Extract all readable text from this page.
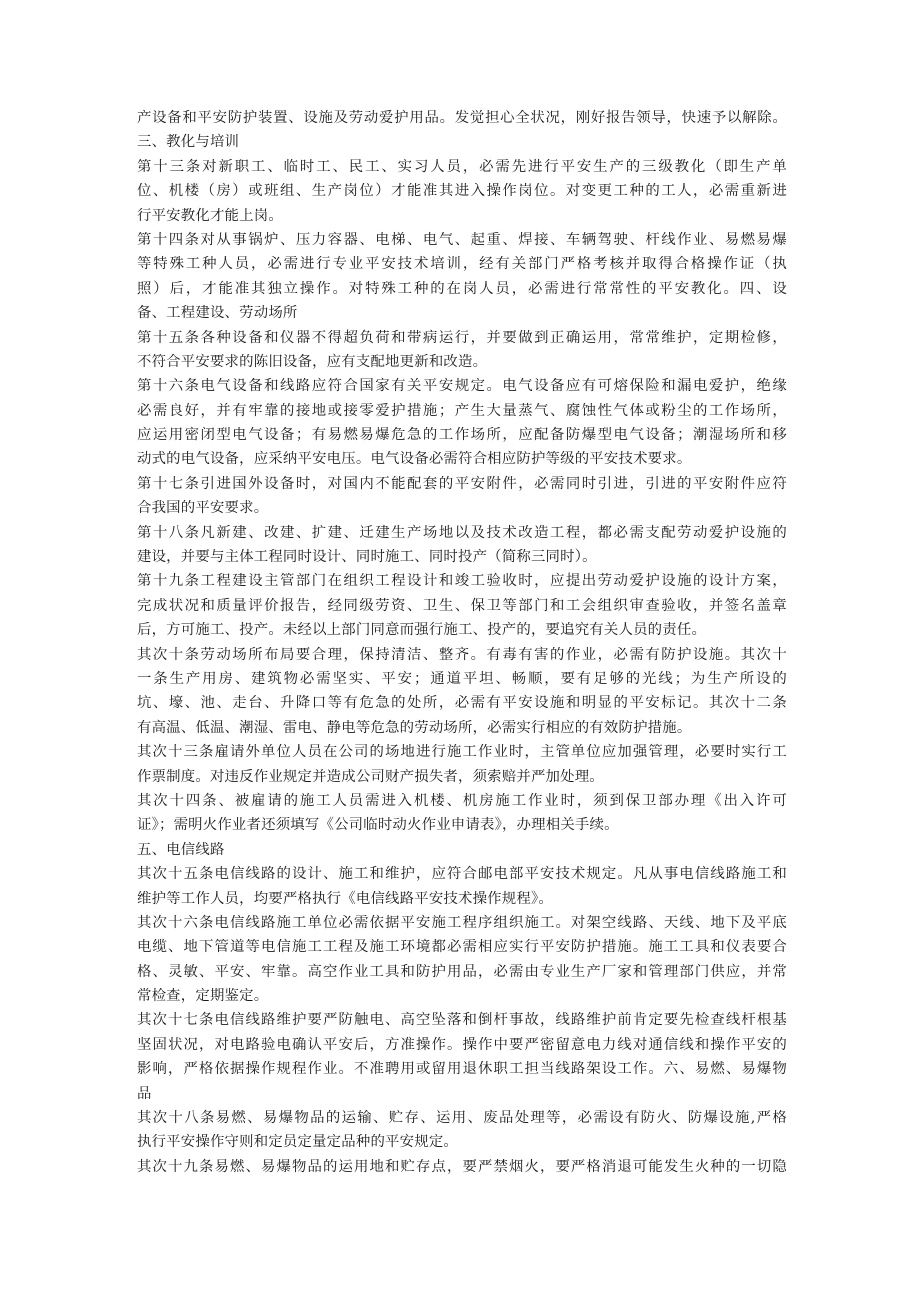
产设备和平安防护装置、设施及劳动爱护用品。发觉担心全状况，刚好报告领导，快速予以解除。
三、教化与培训
第十三条对新职工、临时工、民工、实习人员，必需先进行平安生产的三级教化（即生产单
位、机楼（房）或班组、生产岗位）才能准其进入操作岗位。对变更工种的工人，必需重新进
行平安教化才能上岗。
第十四条对从事锅炉、压力容器、电梯、电气、起重、焊接、车辆驾驶、杆线作业、易燃易爆
等特殊工种人员，必需进行专业平安技术培训，经有关部门严格考核并取得合格操作证（执
照）后，才能准其独立操作。对特殊工种的在岗人员，必需进行常常性的平安教化。四、设
备、工程建设、劳动场所
第十五条各种设备和仪器不得超负荷和带病运行，并要做到正确运用，常常维护，定期检修，
不符合平安要求的陈旧设备，应有支配地更新和改造。
第十六条电气设备和线路应符合国家有关平安规定。电气设备应有可熔保险和漏电爱护，绝缘
必需良好，并有牢靠的接地或接零爱护措施；产生大量蒸气、腐蚀性气体或粉尘的工作场所，
应运用密闭型电气设备；有易燃易爆危急的工作场所，应配备防爆型电气设备；潮湿场所和移
动式的电气设备，应采纳平安电压。电气设备必需符合相应防护等级的平安技术要求。
第十七条引进国外设备时，对国内不能配套的平安附件，必需同时引进，引进的平安附件应符
合我国的平安要求。
第十八条凡新建、改建、扩建、迁建生产场地以及技术改造工程，都必需支配劳动爱护设施的
建设，并要与主体工程同时设计、同时施工、同时投产（简称三同时）。
第十九条工程建设主管部门在组织工程设计和竣工验收时，应提出劳动爱护设施的设计方案，
完成状况和质量评价报告，经同级劳资、卫生、保卫等部门和工会组织审查验收，并签名盖章
后，方可施工、投产。未经以上部门同意而强行施工、投产的，要追究有关人员的责任。
其次十条劳动场所布局要合理，保持清洁、整齐。有毒有害的作业，必需有防护设施。其次十
一条生产用房、建筑物必需坚实、平安；通道平坦、畅顺，要有足够的光线；为生产所设的
坑、壕、池、走台、升降口等有危急的处所，必需有平安设施和明显的平安标记。其次十二条
有高温、低温、潮湿、雷电、静电等危急的劳动场所，必需实行相应的有效防护措施。
其次十三条雇请外单位人员在公司的场地进行施工作业时，主管单位应加强管理，必要时实行工
作票制度。对违反作业规定并造成公司财产损失者，须索赔并严加处理。
其次十四条、被雇请的施工人员需进入机楼、机房施工作业时，须到保卫部办理《出入许可
证》；需明火作业者还须填写《公司临时动火作业申请表》，办理相关手续。
五、电信线路
其次十五条电信线路的设计、施工和维护，应符合邮电部平安技术规定。凡从事电信线路施工和
维护等工作人员，均要严格执行《电信线路平安技术操作规程》。
其次十六条电信线路施工单位必需依据平安施工程序组织施工。对架空线路、天线、地下及平底
电缆、地下管道等电信施工工程及施工环境都必需相应实行平安防护措施。施工工具和仪表要合
格、灵敏、平安、牢靠。高空作业工具和防护用品，必需由专业生产厂家和管理部门供应，并常
常检查，定期鉴定。
其次十七条电信线路维护要严防触电、高空坠落和倒杆事故，线路维护前肯定要先检查线杆根基
坚固状况，对电路验电确认平安后，方准操作。操作中要严密留意电力线对通信线和操作平安的
影响，严格依据操作规程作业。不准聘用或留用退休职工担当线路架设工作。六、易燃、易爆物
品
其次十八条易燃、易爆物品的运输、贮存、运用、废品处理等，必需设有防火、防爆设施,严格
执行平安操作守则和定员定量定品种的平安规定。
其次十九条易燃、易爆物品的运用地和贮存点，要严禁烟火，要严格消退可能发生火种的一切隐
